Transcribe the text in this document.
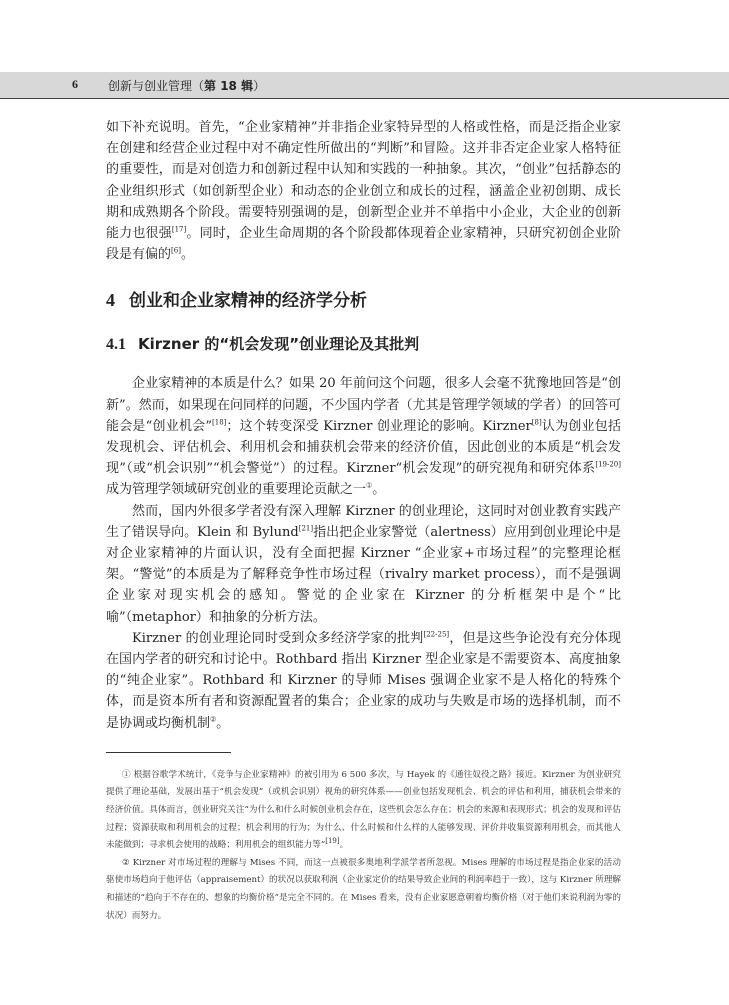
6	创新与创业管理（第 18 辑）

如下补充说明。首先，“企业家精神”并非指企业家特异型的人格或性格，而是泛指企业家在创建和经营企业过程中对不确定性所做出的“判断”和冒险。这并非否定企业家人格特征的重要性，而是对创造力和创新过程中认知和实践的一种抽象。其次，“创业”包括静态的企业组织形式（如创新型企业）和动态的企业创立和成长的过程，涵盖企业初创期、成长期和成熟期各个阶段。需要特别强调的是，创新型企业并不单指中小企业，大企业的创新能力也很强[17]。同时，企业生命周期的各个阶段都体现着企业家精神，只研究初创企业阶段是有偏的[6]。

4 创业和企业家精神的经济学分析
4.1 Kirzner 的“机会发现”创业理论及其批判

企业家精神的本质是什么？如果 20 年前问这个问题，很多人会毫不犹豫地回答是“创新”。然而，如果现在问同样的问题，不少国内学者（尤其是管理学领域的学者）的回答可能会是“创业机会”[18]；这个转变深受 Kirzner 创业理论的影响。Kirzner[8]认为创业包括发现机会、评估机会、利用机会和捕获机会带来的经济价值，因此创业的本质是“机会发现”（或“机会识别”“机会警觉”）的过程。Kirzner“机会发现”的研究视角和研究体系[19-20]成为管理学领域研究创业的重要理论贡献之一①。

然而，国内外很多学者没有深入理解 Kirzner 的创业理论，这同时对创业教育实践产生了错误导向。Klein 和 Bylund[21]指出把企业家警觉（alertness）应用到创业理论中是对企业家精神的片面认识，没有全面把握 Kirzner “企业家+市场过程”的完整理论框架。“警觉”的本质是为了解释竞争性市场过程（rivalry market process），而不是强调企业家对现实机会的感知。警觉的企业家在 Kirzner 的分析框架中是个“比喻”（metaphor）和抽象的分析方法。

Kirzner 的创业理论同时受到众多经济学家的批判[22-25]，但是这些争论没有充分体现在国内学者的研究和讨论中。Rothbard 指出 Kirzner 型企业家是不需要资本、高度抽象的“纯企业家”。Rothbard 和 Kirzner 的导师 Mises 强调企业家不是人格化的特殊个体，而是资本所有者和资源配置者的集合；企业家的成功与失败是市场的选择机制，而不是协调或均衡机制②。

① 根据谷歌学术统计，《竞争与企业家精神》的被引用为 6 500 多次，与 Hayek 的《通往奴役之路》接近。Kirzner 为创业研究提供了理论基础，发展出基于“机会发现”（或机会识别）视角的研究体系——创业包括发现机会、机会的评估和利用，捕获机会带来的经济价值。具体而言，创业研究关注“为什么和什么时候创业机会存在，这些机会怎么存在；机会的来源和表现形式；机会的发现和评估过程；资源获取和利用机会的过程；机会利用的行为；为什么、什么时候和什么样的人能够发现、评价并收集资源利用机会，而其他人未能做到；寻求机会使用的战略；利用机会的组织能力等”[19]。

② Kirzner 对市场过程的理解与 Mises 不同，而这一点被很多奥地利学派学者所忽视。Mises 理解的市场过程是指企业家的活动驱使市场趋向于他评估（appraisement）的状况以获取利润（企业家定价的结果导致企业间的利润率趋于一致），这与 Kirzner 所理解和描述的“趋向于不存在的、想象的均衡价格”是完全不同的。在 Mises 看来，没有企业家愿意朝着均衡价格（对于他们来说利润为零的状况）而努力。
